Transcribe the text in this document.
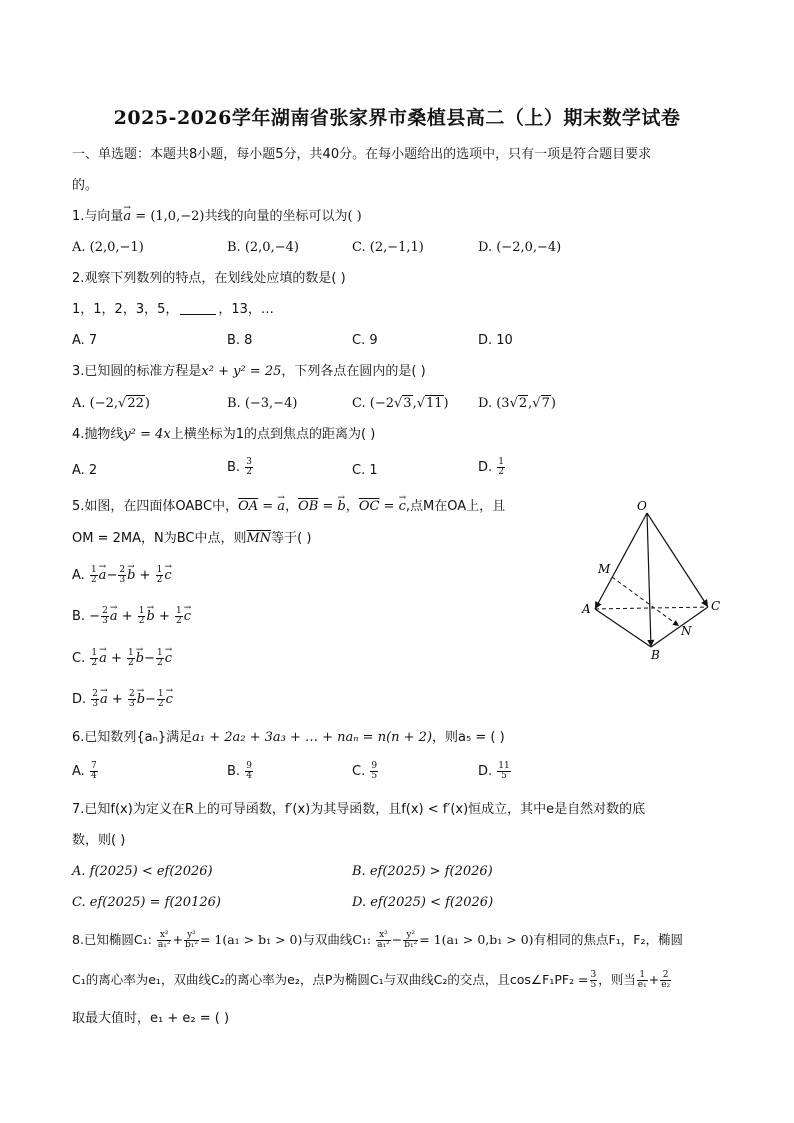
2025-2026学年湖南省张家界市桑植县高二（上）期末数学试卷
一、单选题：本题共8小题，每小题5分，共40分。在每小题给出的选项中，只有一项是符合题目要求
的。
1.与向量→ a = (1,0,−2)共线的向量的坐标可以为( )
A. (2,0,−1)	B. (2,0,−4)	C. (2,−1,1)	D. (−2,0,−4)
2.观察下列数列的特点，在划线处应填的数是( )
1，1，2，3，5，	，13，…
A. 7	B. 8	C. 9	D. 10
3.已知圆的标准方程是x² + y² = 25，下列各点在圆内的是( )
A. (−2,√22)	B. (−3,−4)	C. (−2√3,√11) D. (3√2,√7)
4.抛物线y² = 4x上横坐标为1的点到焦点的距离为( )
A. 2	B. $\frac{3}{2}$	C. 1	D. $\frac{1}{2}$
5.如图，在四面体OABC中，$\overline{OA}$ = → a，$\overline{OB}$ = → b，$\overline{OC}$ = → c,点M在OA上，且
OM = 2MA，N为BC中点，则$\overline{MN}$等于( )
A. $\frac{1}{2} \to a- \frac{2}{3} \to b + \frac{1}{2} \to c$
B. − $\frac{2}{3} \to a + \frac{1}{2} \to b + \frac{1}{2} \to c$
C. $\frac{1}{2} \to a + \frac{1}{2} \to b- \frac{1}{2} \to c$
D. $\frac{2}{3} \to a + \frac{2}{3} \to b- \frac{1}{2} \to c$
O
M
A	C
N
B
6.已知数列{aₙ}满足a₁ + 2a₂ + 3a₃ + … + naₙ = n(n + 2)，则a₅ = ( )
A. $\frac{7}{4}$	B. $\frac{9}{4}$	C. $\frac{9}{5}$	D. $\frac{11}{5}$
7.已知f(x)为定义在R上的可导函数，f′(x)为其导函数，且f(x) < f′(x)恒成立，其中e是自然对数的底
数，则( )
A. f(2025) < ef(2026)	B. ef(2025) > f(2026)
C. ef(2025) = f(20126)	D. ef(2025) < f(2026)
8.已知椭圆C₁: $\frac{\text{x²}}{\text{a₁²}} + \frac{\text{y²}}{\text{b₁²}} = 1(a_1 > b_1 > 0)$与双曲线C₁: $\frac{\text{x²}}{\text{a₁²}} - \frac{\text{y²}}{\text{b₁²}} = 1(a_1 > 0,b_1 > 0)$有相同的焦点F₁，F₂，椭圆
C₁的离心率为e₁，双曲线C₂的离心率为e₂，点P为椭圆C₁与双曲线C₂的交点，且cos∠F₁PF₂ = $\frac{3}{5}$ ，则当 $\frac{1}{\text{e₁}} + \frac{2}{\text{e₂}}$
取最大值时，e₁ + e₂ = ( )
